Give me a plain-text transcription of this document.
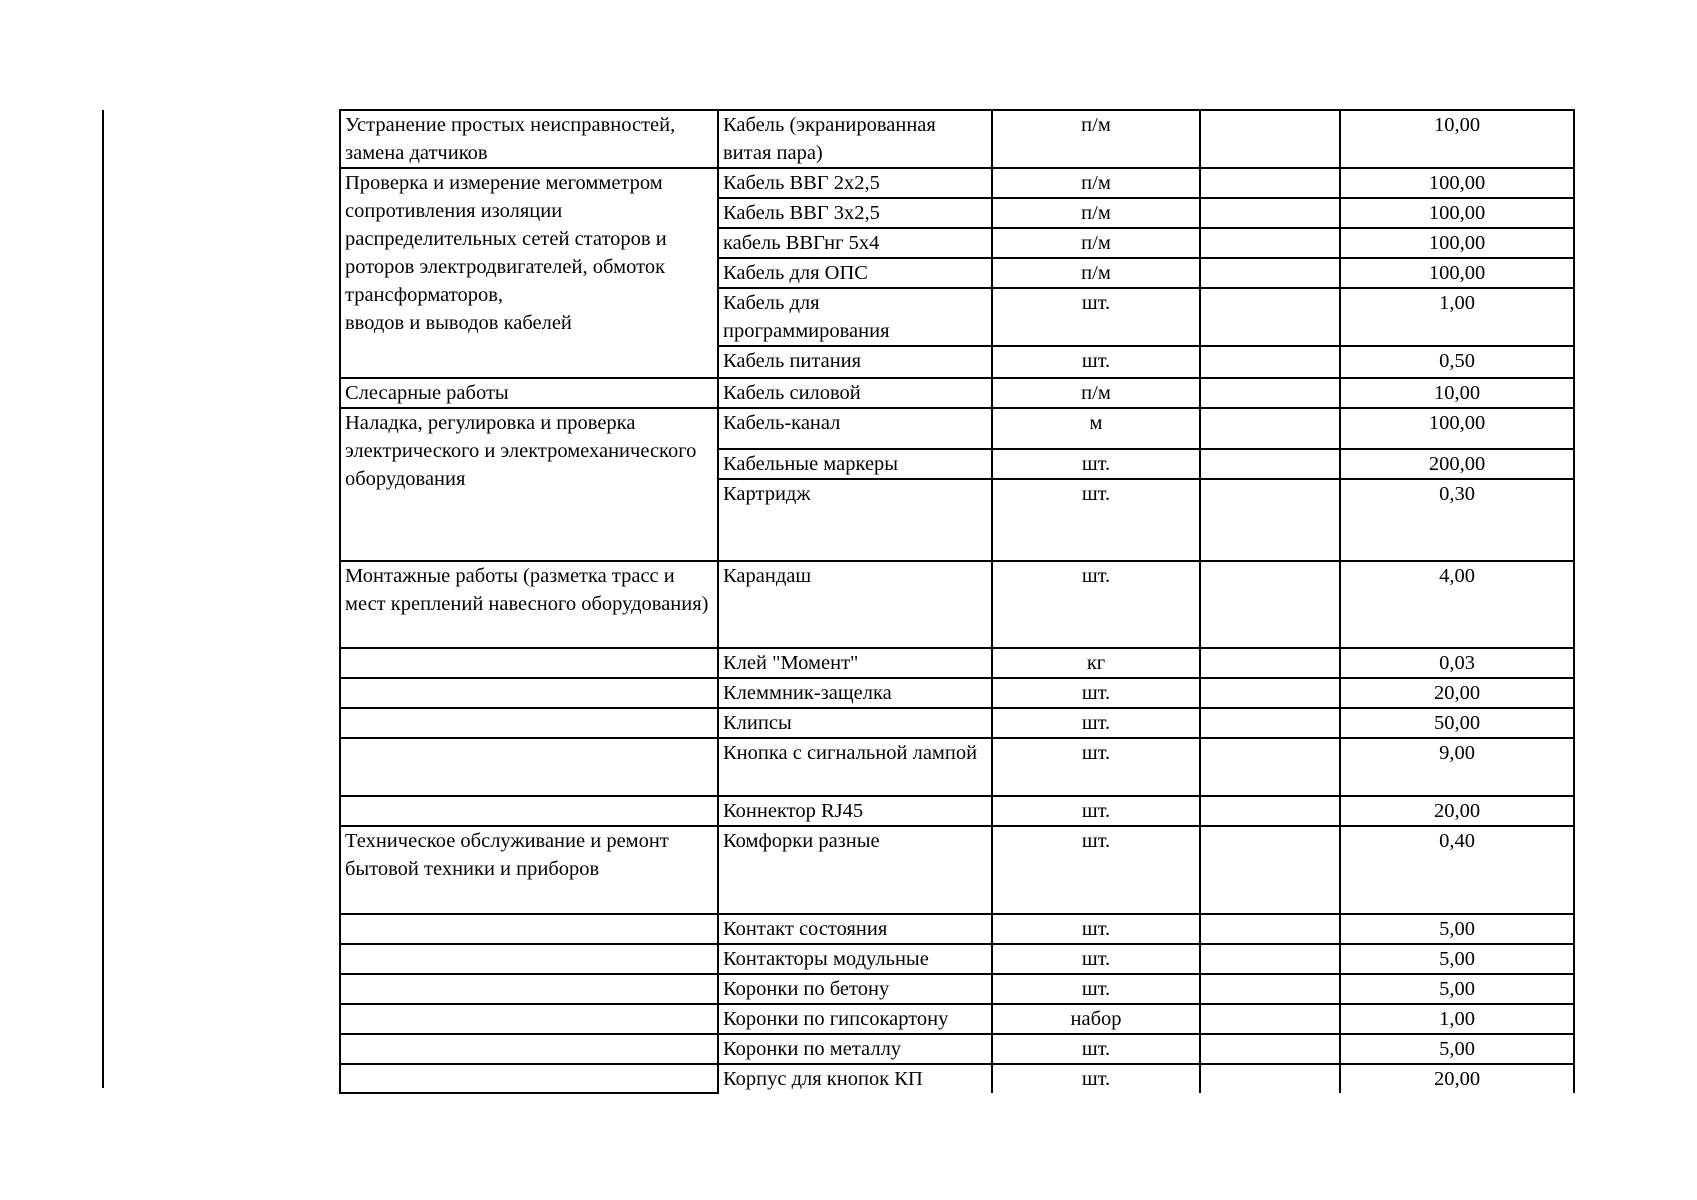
Устранение простых неисправностей, замена датчиков	Кабель (экранированная витая пара)	п/м		10,00
Проверка и измерение мегомметром сопротивления изоляции распределительных сетей статоров и роторов электродвигателей, обмоток трансформаторов,
вводов и выводов кабелей	Кабель ВВГ 2х2,5	п/м		100,00
	Кабель ВВГ 3х2,5	п/м		100,00
	кабель ВВГнг 5х4	п/м		100,00
	Кабель для ОПС	п/м		100,00
	Кабель для программирования	шт.		1,00
	Кабель питания	шт.		0,50
Слесарные работы	Кабель силовой	п/м		10,00
Наладка, регулировка и проверка электрического и электромеханического оборудования	Кабель-канал	м		100,00
	Кабельные маркеры	шт.		200,00
	Картридж	шт.		0,30
Монтажные работы (разметка трасс и мест креплений навесного оборудования)	Карандаш	шт.		4,00
	Клей "Момент"	кг		0,03
	Клеммник-защелка	шт.		20,00
	Клипсы	шт.		50,00
	Кнопка с сигнальной лампой	шт.		9,00
	Коннектор RJ45	шт.		20,00
Техническое обслуживание и ремонт бытовой техники и приборов	Комфорки разные	шт.		0,40
	Контакт состояния	шт.		5,00
	Контакторы модульные	шт.		5,00
	Коронки по бетону	шт.		5,00
	Коронки по гипсокартону	набор		1,00
	Коронки по металлу	шт.		5,00
	Корпус для кнопок КП	шт.		20,00
